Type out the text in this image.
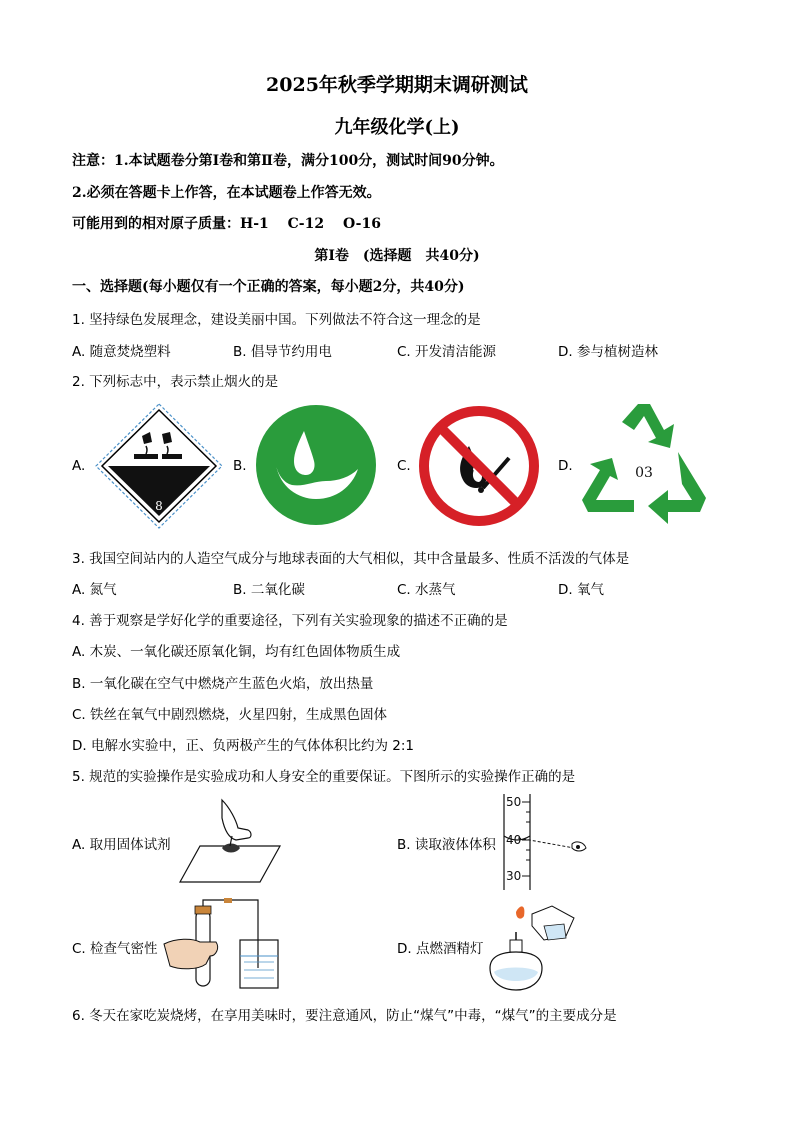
2025年秋季学期期末调研测试
九年级化学(上)
注意：1.本试题卷分第Ⅰ卷和第Ⅱ卷，满分100分，测试时间90分钟。
2.必须在答题卡上作答，在本试题卷上作答无效。
可能用到的相对原子质量：H-1　 C-12　 O-16
第Ⅰ卷　(选择题　共40分)
一、选择题(每小题仅有一个正确的答案，每小题2分，共40分)
1. 坚持绿色发展理念，建设美丽中国。下列做法不符合这一理念的是
A. 随意焚烧塑料	B. 倡导节约用电	C. 开发清洁能源	D. 参与植树造林
2. 下列标志中，表示禁止烟火的是
A.
8
B.	C.	D.	03
3. 我国空间站内的人造空气成分与地球表面的大气相似，其中含量最多、性质不活泼的气体是
A. 氮气	B. 二氧化碳	C. 水蒸气	D. 氧气
4. 善于观察是学好化学的重要途径，下列有关实验现象的描述不正确的是
A. 木炭、一氧化碳还原氧化铜，均有红色固体物质生成
B. 一氧化碳在空气中燃烧产生蓝色火焰，放出热量
C. 铁丝在氧气中剧烈燃烧，火星四射，生成黑色固体
D. 电解水实验中，正、负两极产生的气体体积比约为 2:1
5. 规范的实验操作是实验成功和人身安全的重要保证。下图所示的实验操作正确的是
A. 取用固体试剂	B. 读取液体体积
50
40
30
C. 检查气密性	D. 点燃酒精灯
6. 冬天在家吃炭烧烤，在享用美味时，要注意通风，防止“煤气”中毒，“煤气”的主要成分是
